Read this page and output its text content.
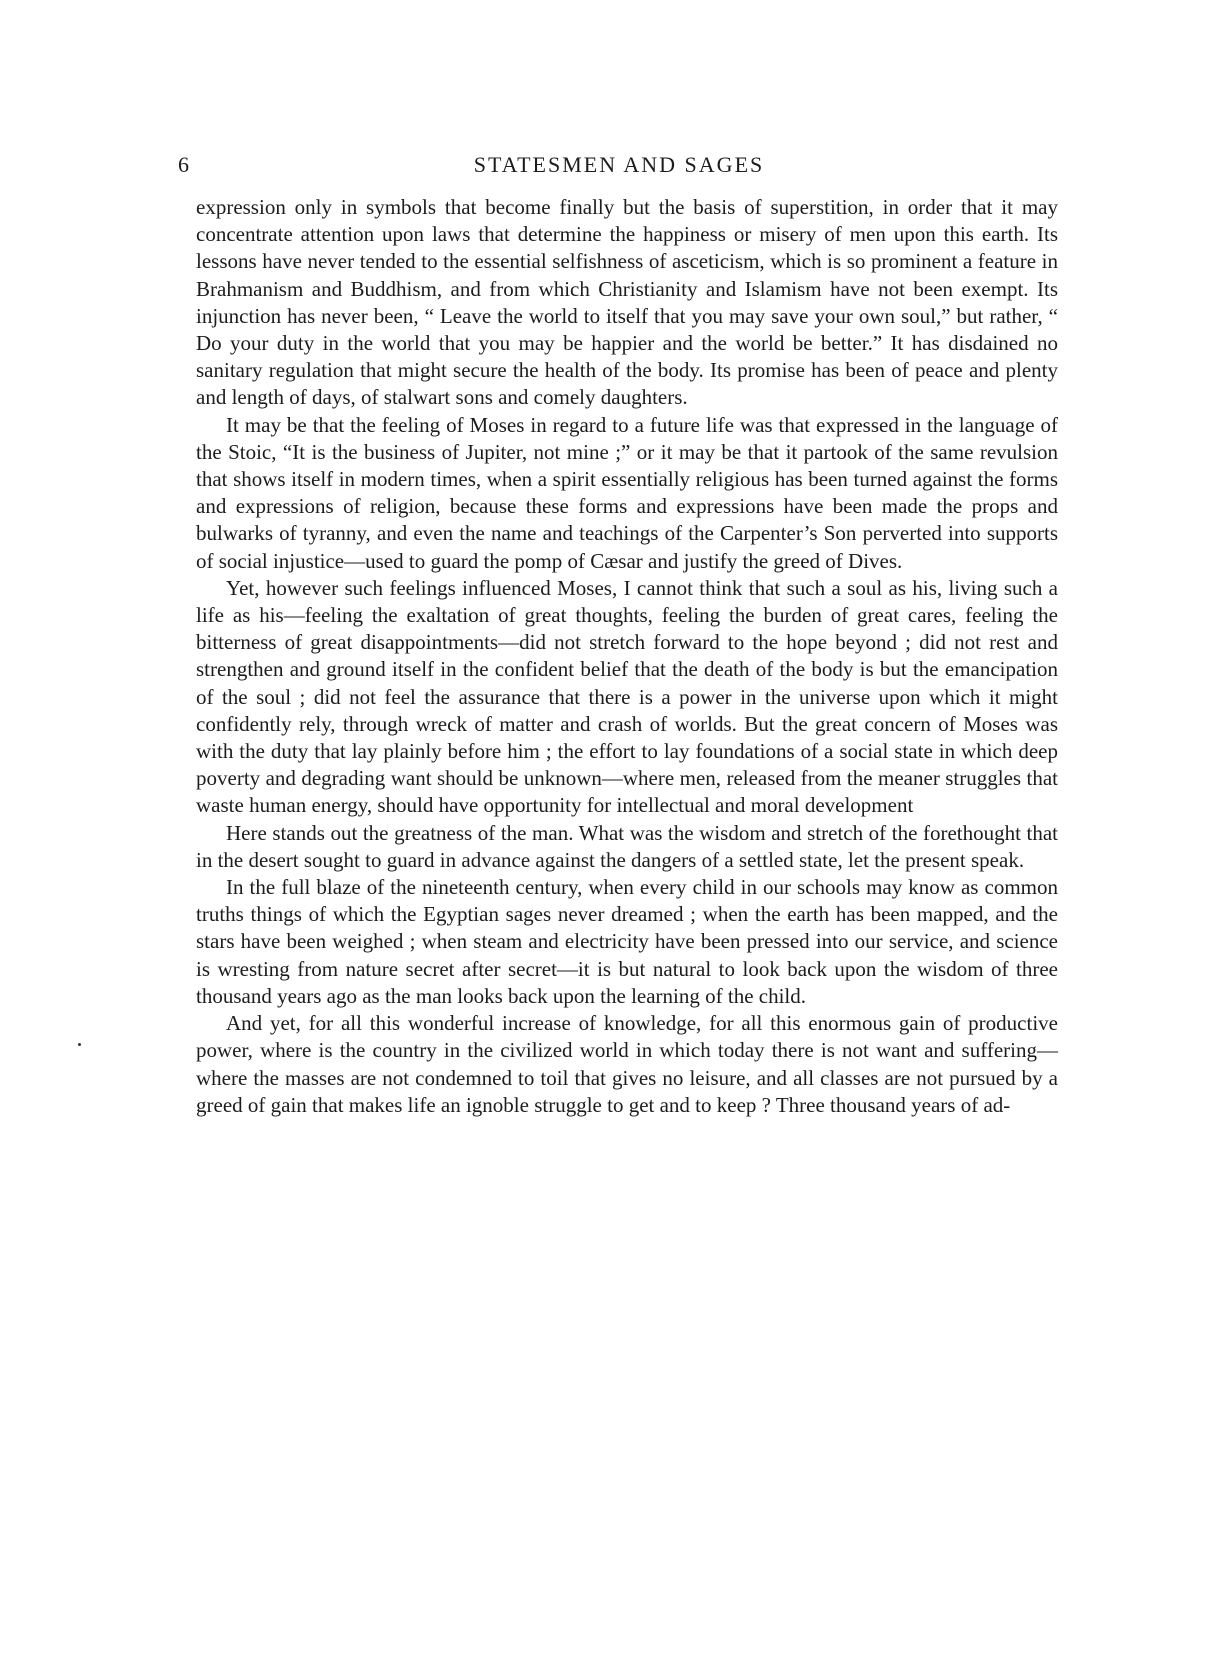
6	STATESMEN AND SAGES

expression only in symbols that become finally but the basis of superstition, in order that it may concentrate attention upon laws that determine the happiness or misery of men upon this earth. Its lessons have never tended to the essential selfishness of asceticism, which is so prominent a feature in Brahmanism and Buddhism, and from which Christianity and Islamism have not been exempt. Its injunction has never been, “ Leave the world to itself that you may save your own soul,” but rather, “ Do your duty in the world that you may be happier and the world be better.” It has disdained no sanitary regulation that might secure the health of the body. Its promise has been of peace and plenty and length of days, of stalwart sons and comely daughters.

It may be that the feeling of Moses in regard to a future life was that expressed in the language of the Stoic, “It is the business of Jupiter, not mine ;” or it may be that it partook of the same revulsion that shows itself in modern times, when a spirit essentially religious has been turned against the forms and expressions of religion, because these forms and expressions have been made the props and bulwarks of tyranny, and even the name and teachings of the Carpenter’s Son perverted into supports of social injustice—used to guard the pomp of Cæsar and justify the greed of Dives.

Yet, however such feelings influenced Moses, I cannot think that such a soul as his, living such a life as his—feeling the exaltation of great thoughts, feeling the burden of great cares, feeling the bitterness of great disappointments—did not stretch forward to the hope beyond ; did not rest and strengthen and ground itself in the confident belief that the death of the body is but the emancipation of the soul ; did not feel the assurance that there is a power in the universe upon which it might confidently rely, through wreck of matter and crash of worlds. But the great concern of Moses was with the duty that lay plainly before him ; the effort to lay foundations of a social state in which deep poverty and degrading want should be unknown—where men, released from the meaner struggles that waste human energy, should have opportunity for intellectual and moral development

Here stands out the greatness of the man. What was the wisdom and stretch of the forethought that in the desert sought to guard in advance against the dangers of a settled state, let the present speak.

In the full blaze of the nineteenth century, when every child in our schools may know as common truths things of which the Egyptian sages never dreamed ; when the earth has been mapped, and the stars have been weighed ; when steam and electricity have been pressed into our service, and science is wresting from nature secret after secret—it is but natural to look back upon the wisdom of three thousand years ago as the man looks back upon the learning of the child.

And yet, for all this wonderful increase of knowledge, for all this enormous gain of productive power, where is the country in the civilized world in which today there is not want and suffering—where the masses are not condemned to toil that gives no leisure, and all classes are not pursued by a greed of gain that makes life an ignoble struggle to get and to keep ? Three thousand years of ad-
